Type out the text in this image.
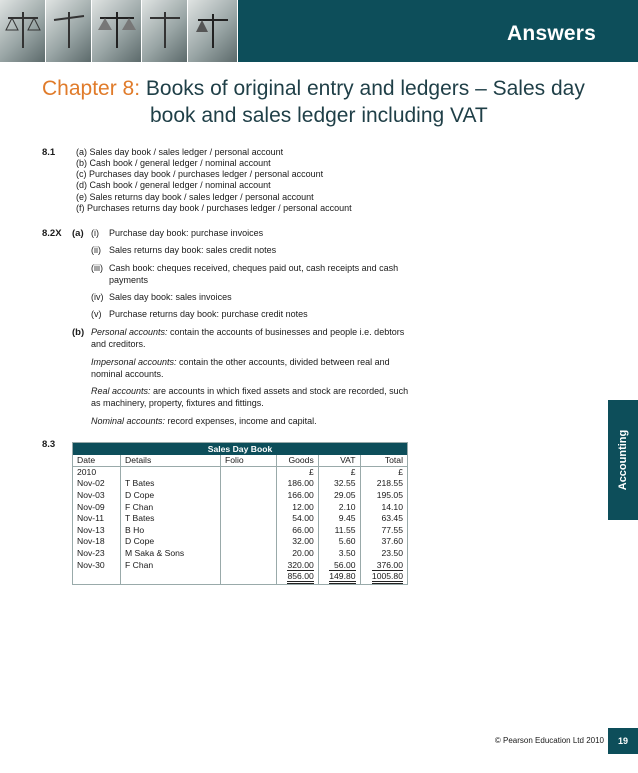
Answers
Chapter 8: Books of original entry and ledgers – Sales day
book and sales ledger including VAT
8.1 (a) Sales day book / sales ledger / personal account
(b) Cash book / general ledger / nominal account
(c) Purchases day book / purchases ledger / personal account
(d) Cash book / general ledger / nominal account
(e) Sales returns day book / sales ledger / personal account
(f) Purchases returns day book / purchases ledger / personal account
8.2X (a) (i) Purchase day book: purchase invoices
(ii) Sales returns day book: sales credit notes
(iii) Cash book: cheques received, cheques paid out, cash receipts and cash
payments
(iv) Sales day book: sales invoices
(v) Purchase returns day book: purchase credit notes
(b) Personal accounts: contain the accounts of businesses and people i.e. debtors
and creditors.
Impersonal accounts: contain the other accounts, divided between real and
nominal accounts.
Real accounts: are accounts in which fixed assets and stock are recorded, such
as machinery, property, fixtures and fittings.
Nominal accounts: record expenses, income and capital.
8.3	Sales Day Book					
Date	Details	Folio	Goods	VAT	Total
2010			£	£	£
Nov-02	T Bates		186.00	32.55	218.55
Nov-03	D Cope		166.00	29.05	195.05
Nov-09	F Chan		12.00	2.10	14.10
Nov-11	T Bates		54.00	9.45	63.45
Nov-13	B Ho		66.00	11.55	77.55
Nov-18	D Cope		32.00	5.60	37.60
Nov-23	M Saka & Sons		20.00	3.50	23.50
Nov-30	F Chan		320.00	56.00	376.00
			856.00	149.80	1005.80
Accounting
© Pearson Education Ltd 2010	19
